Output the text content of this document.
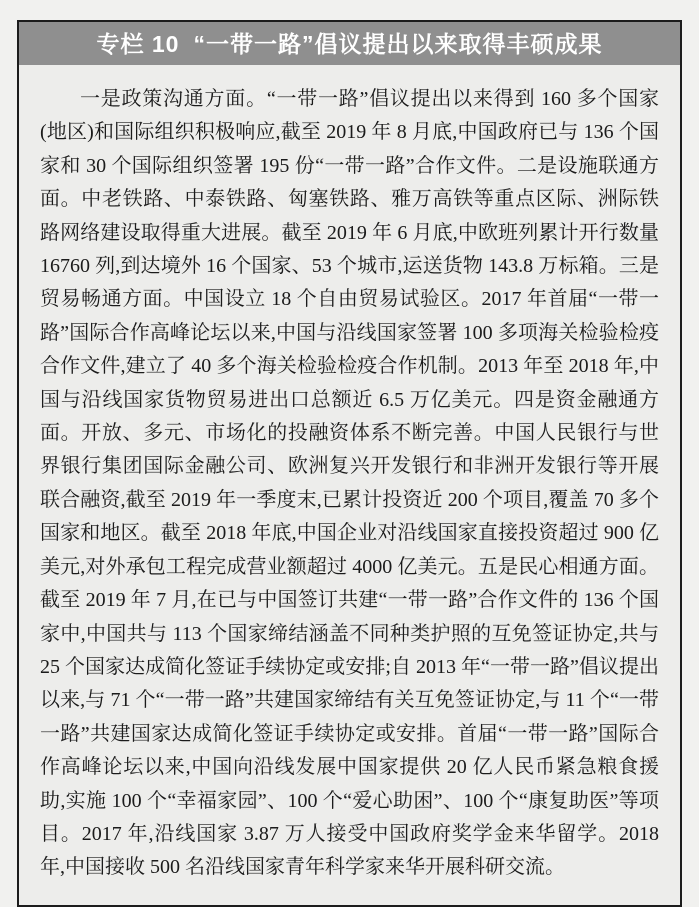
专栏 10 “一带一路”倡议提出以来取得丰硕成果

一是政策沟通方面。“一带一路”倡议提出以来得到 160 多个国家(地区)和国际组织积极响应,截至 2019 年 8 月底,中国政府已与 136 个国家和 30 个国际组织签署 195 份“一带一路”合作文件。二是设施联通方面。中老铁路、中泰铁路、匈塞铁路、雅万高铁等重点区际、洲际铁路网络建设取得重大进展。截至 2019 年 6 月底,中欧班列累计开行数量 16760 列,到达境外 16 个国家、53 个城市,运送货物 143.8 万标箱。三是贸易畅通方面。中国设立 18 个自由贸易试验区。2017 年首届“一带一路”国际合作高峰论坛以来,中国与沿线国家签署 100 多项海关检验检疫合作文件,建立了 40 多个海关检验检疫合作机制。2013 年至 2018 年,中国与沿线国家货物贸易进出口总额近 6.5 万亿美元。四是资金融通方面。开放、多元、市场化的投融资体系不断完善。中国人民银行与世界银行集团国际金融公司、欧洲复兴开发银行和非洲开发银行等开展联合融资,截至 2019 年一季度末,已累计投资近 200 个项目,覆盖 70 多个国家和地区。截至 2018 年底,中国企业对沿线国家直接投资超过 900 亿美元,对外承包工程完成营业额超过 4000 亿美元。五是民心相通方面。截至 2019 年 7 月,在已与中国签订共建“一带一路”合作文件的 136 个国家中,中国共与 113 个国家缔结涵盖不同种类护照的互免签证协定,共与 25 个国家达成简化签证手续协定或安排;自 2013 年“一带一路”倡议提出以来,与 71 个“一带一路”共建国家缔结有关互免签证协定,与 11 个“一带一路”共建国家达成简化签证手续协定或安排。首届“一带一路”国际合作高峰论坛以来,中国向沿线发展中国家提供 20 亿人民币紧急粮食援助,实施 100 个“幸福家园”、100 个“爱心助困”、100 个“康复助医”等项目。2017 年,沿线国家 3.87 万人接受中国政府奖学金来华留学。2018 年,中国接收 500 名沿线国家青年科学家来华开展科研交流。
